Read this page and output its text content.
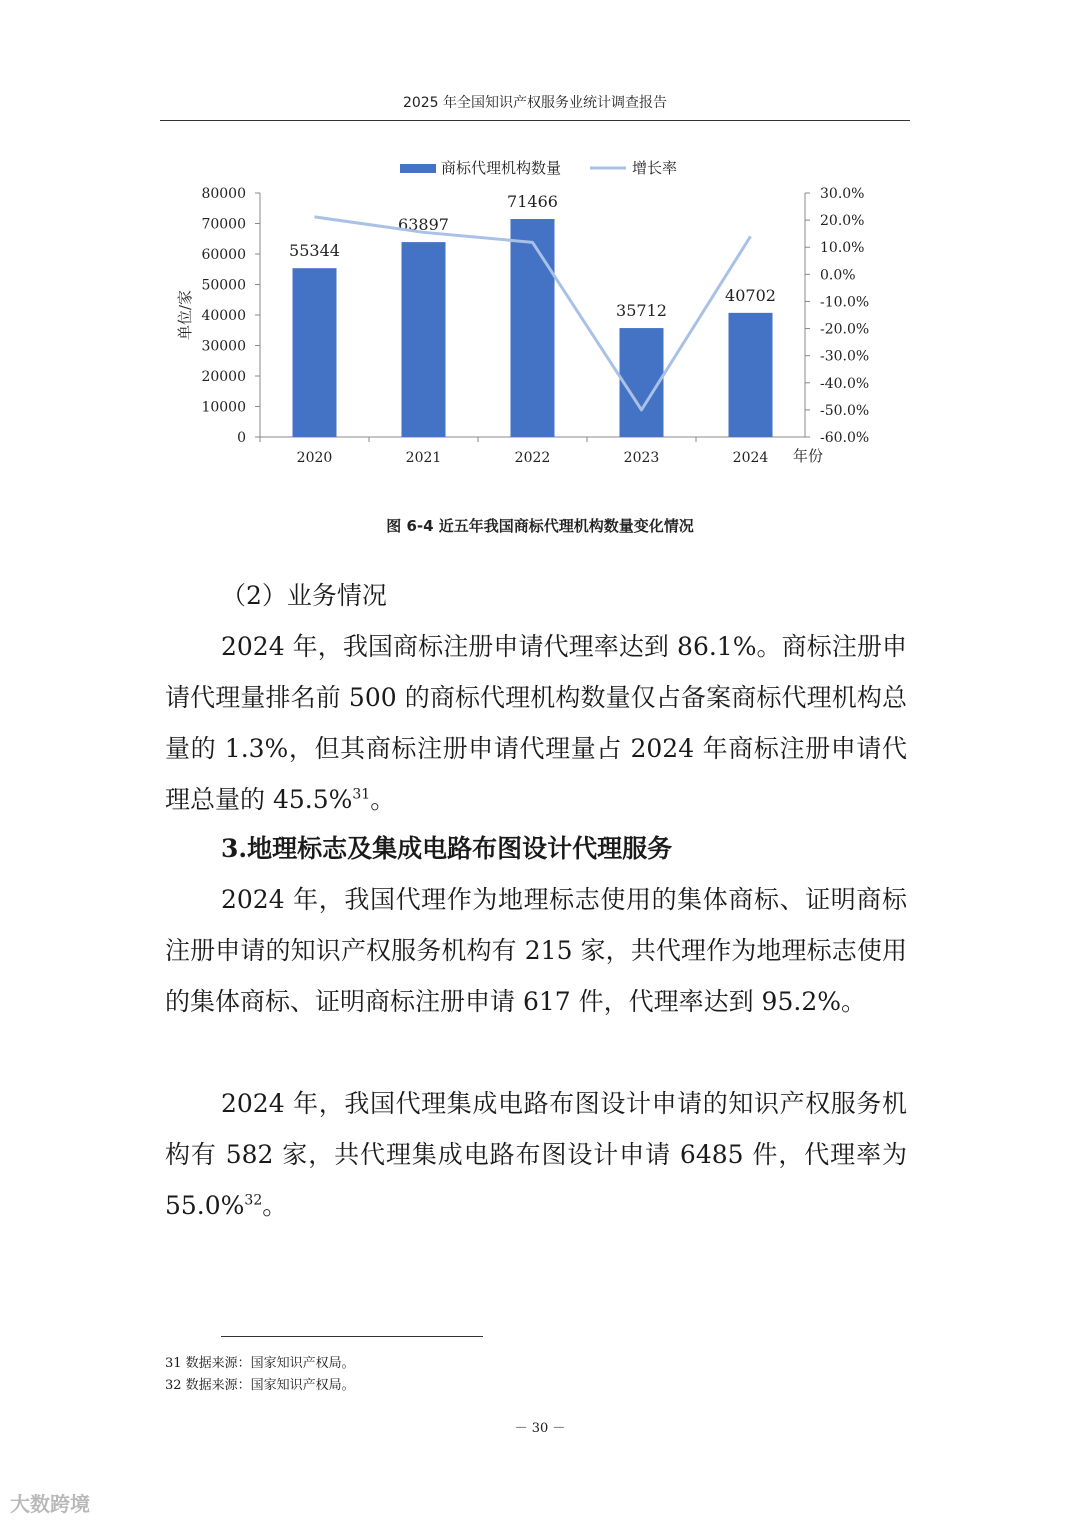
2025 年全国知识产权服务业统计调查报告
商标代理机构数量	增长率
0
10000
20000
30000
40000
50000
60000
70000
80000
-60.0%
-50.0%
-40.0%
-30.0%
-20.0%
-10.0%
0.0%
10.0%
20.0%
30.0%
单位/家
年份
55344
2020
63897
2021
71466
2022
35712
2023
40702
2024
图 6-4 近五年我国商标代理机构数量变化情况
（2）业务情况

2024 年，我国商标注册申请代理率达到 86.1%。商标注册申请代理量排名前 500 的商标代理机构数量仅占备案商标代理机构总量的 1.3%，但其商标注册申请代理量占 2024 年商标注册申请代理总量的 45.5%$^{31}$。

3.地理标志及集成电路布图设计代理服务

2024 年，我国代理作为地理标志使用的集体商标、证明商标注册申请的知识产权服务机构有 215 家，共代理作为地理标志使用的集体商标、证明商标注册申请 617 件，代理率达到 95.2%。

2024 年，我国代理集成电路布图设计申请的知识产权服务机构有 582 家，共代理集成电路布图设计申请 6485 件，代理率为 55.0%$^{32}$。

31 数据来源：国家知识产权局。
32 数据来源：国家知识产权局。
－ 30 －
大数跨境
